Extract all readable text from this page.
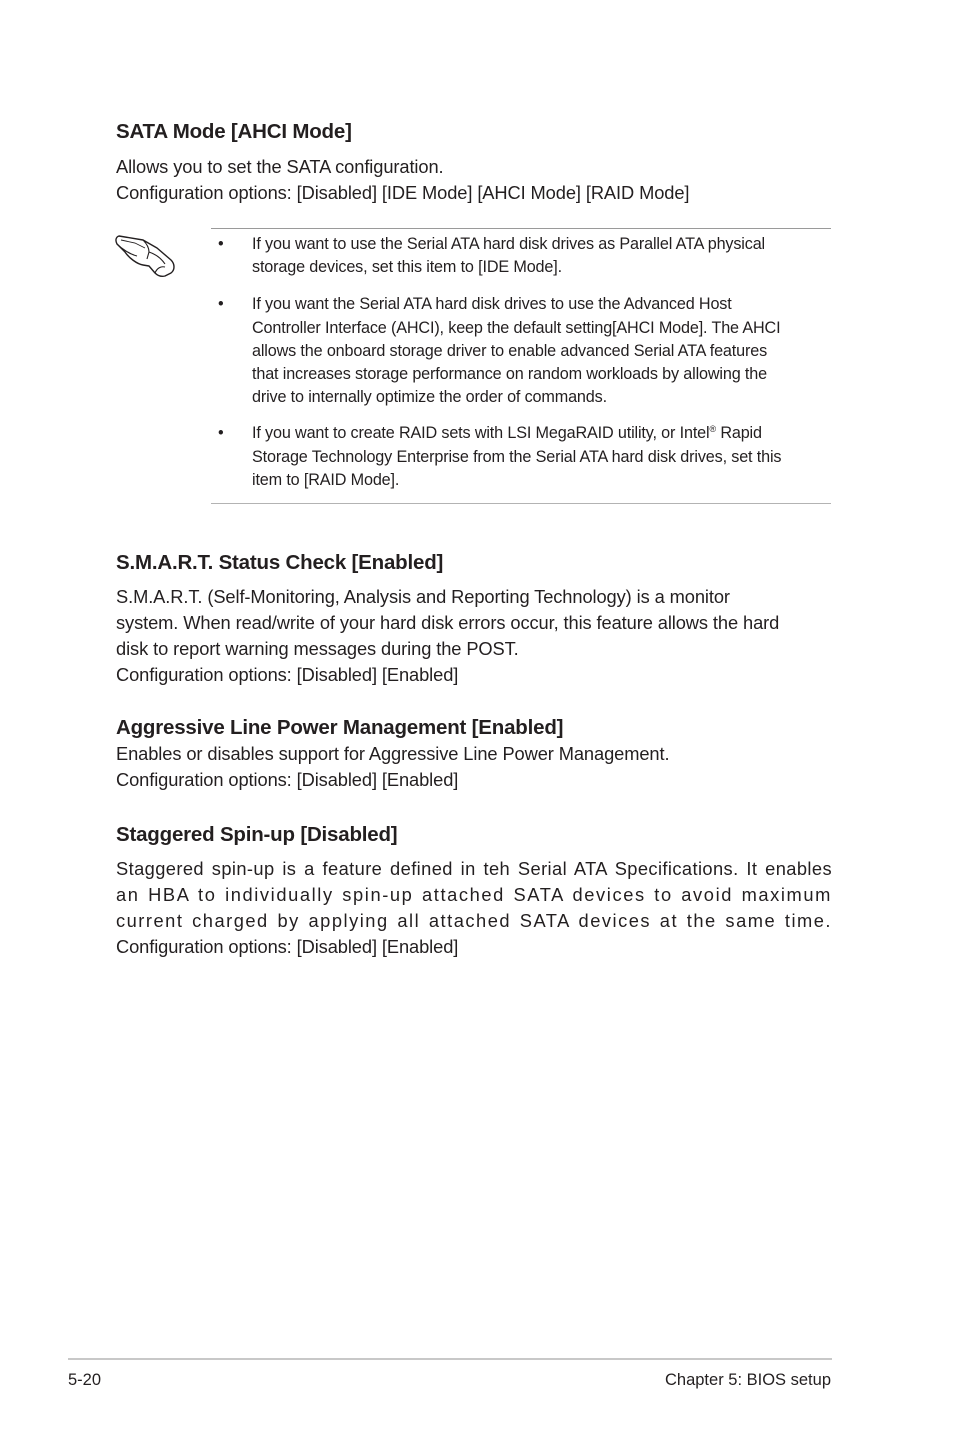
SATA Mode [AHCI Mode]

Allows you to set the SATA configuration.
Configuration options: [Disabled] [IDE Mode] [AHCI Mode] [RAID Mode]

• If you want to use the Serial ATA hard disk drives as Parallel ATA physical
storage devices, set this item to [IDE Mode].
• If you want the Serial ATA hard disk drives to use the Advanced Host
Controller Interface (AHCI), keep the default setting[AHCI Mode]. The AHCI
allows the onboard storage driver to enable advanced Serial ATA features
that increases storage performance on random workloads by allowing the
drive to internally optimize the order of commands.
• If you want to create RAID sets with LSI MegaRAID utility, or Intel® Rapid
Storage Technology Enterprise from the Serial ATA hard disk drives, set this
item to [RAID Mode].
S.M.A.R.T. Status Check [Enabled]

S.M.A.R.T. (Self-Monitoring, Analysis and Reporting Technology) is a monitor
system. When read/write of your hard disk errors occur, this feature allows the hard
disk to report warning messages during the POST.
Configuration options: [Disabled] [Enabled]

Aggressive Line Power Management [Enabled]

Enables or disables support for Aggressive Line Power Management.
Configuration options: [Disabled] [Enabled]

Staggered Spin-up [Disabled]

Staggered spin-up is a feature defined in teh Serial ATA Specifications. It enables
an HBA to individually spin-up attached SATA devices to avoid maximum
current charged by applying all attached SATA devices at the same time.
Configuration options: [Disabled] [Enabled]

5-20	Chapter 5: BIOS setup
